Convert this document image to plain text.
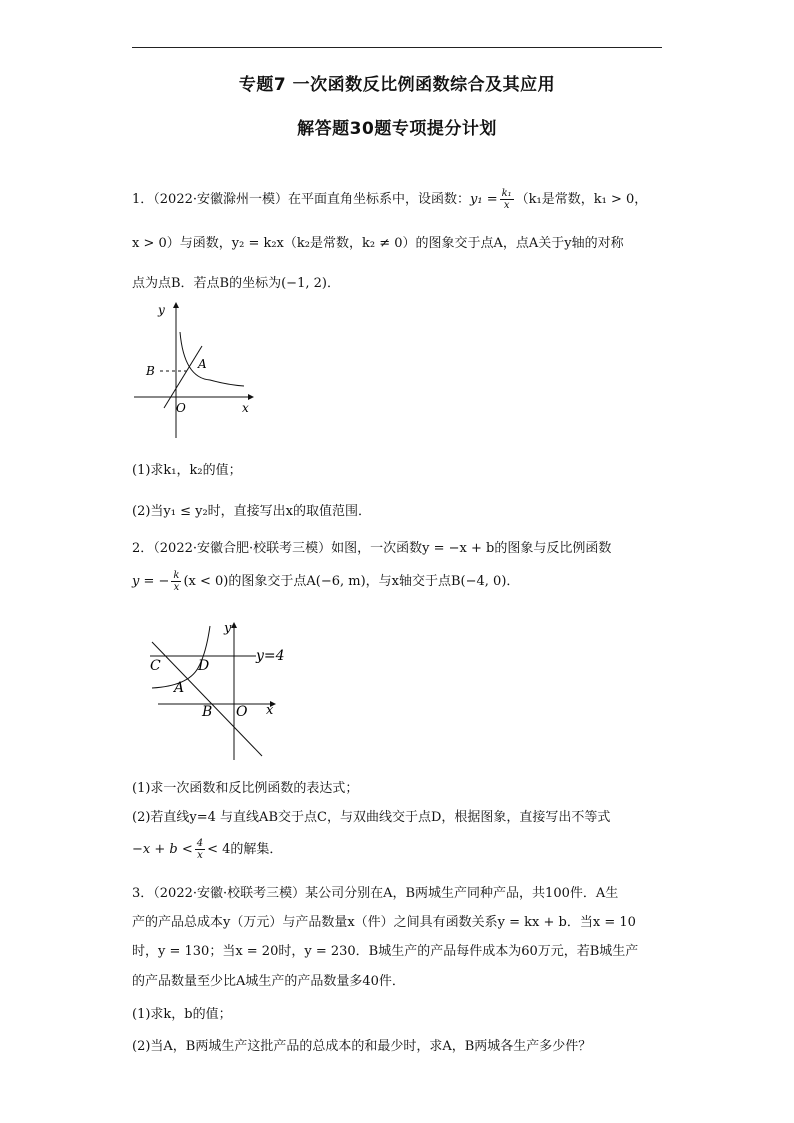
专题7 一次函数反比例函数综合及其应用
解答题30题专项提分计划
1．（2022·安徽滁州一模）在平面直角坐标系中，设函数：$y_1 = \frac{\text{k₁}}{x} (k_1$是常数，k₁ > 0，
x > 0）与函数，y₂ = k₂x（k₂是常数，k₂ ≠ 0）的图象交于点A，点A关于y轴的对称
点为点B．若点B的坐标为(−1, 2)．
y
x
O
A
B
(1)求k₁，k₂的值；
(2)当y₁ ≤ y₂时，直接写出x的取值范围．
2．（2022·安徽合肥·校联考三模）如图，一次函数y = −x + b的图象与反比例函数
y = − $\frac{k}{x} (x < 0)$的图象交于点A(−6, m)，与x轴交于点B(−4, 0)．
y
x
O
A
B
C	D
y=4
(1)求一次函数和反比例函数的表达式；
(2)若直线y=4 与直线AB交于点C，与双曲线交于点D，根据图象，直接写出不等式
$-x + b < \frac{4}{x} < 4$的解集．
3．（2022·安徽·校联考三模）某公司分别在A，B两城生产同种产品，共100件．A生
产的产品总成本y（万元）与产品数量x（件）之间具有函数关系y = kx + b．当x = 10
时，y = 130；当x = 20时，y = 230．B城生产的产品每件成本为60万元，若B城生产
的产品数量至少比A城生产的产品数量多40件．
(1)求k，b的值；
(2)当A，B两城生产这批产品的总成本的和最少时，求A，B两城各生产多少件？
